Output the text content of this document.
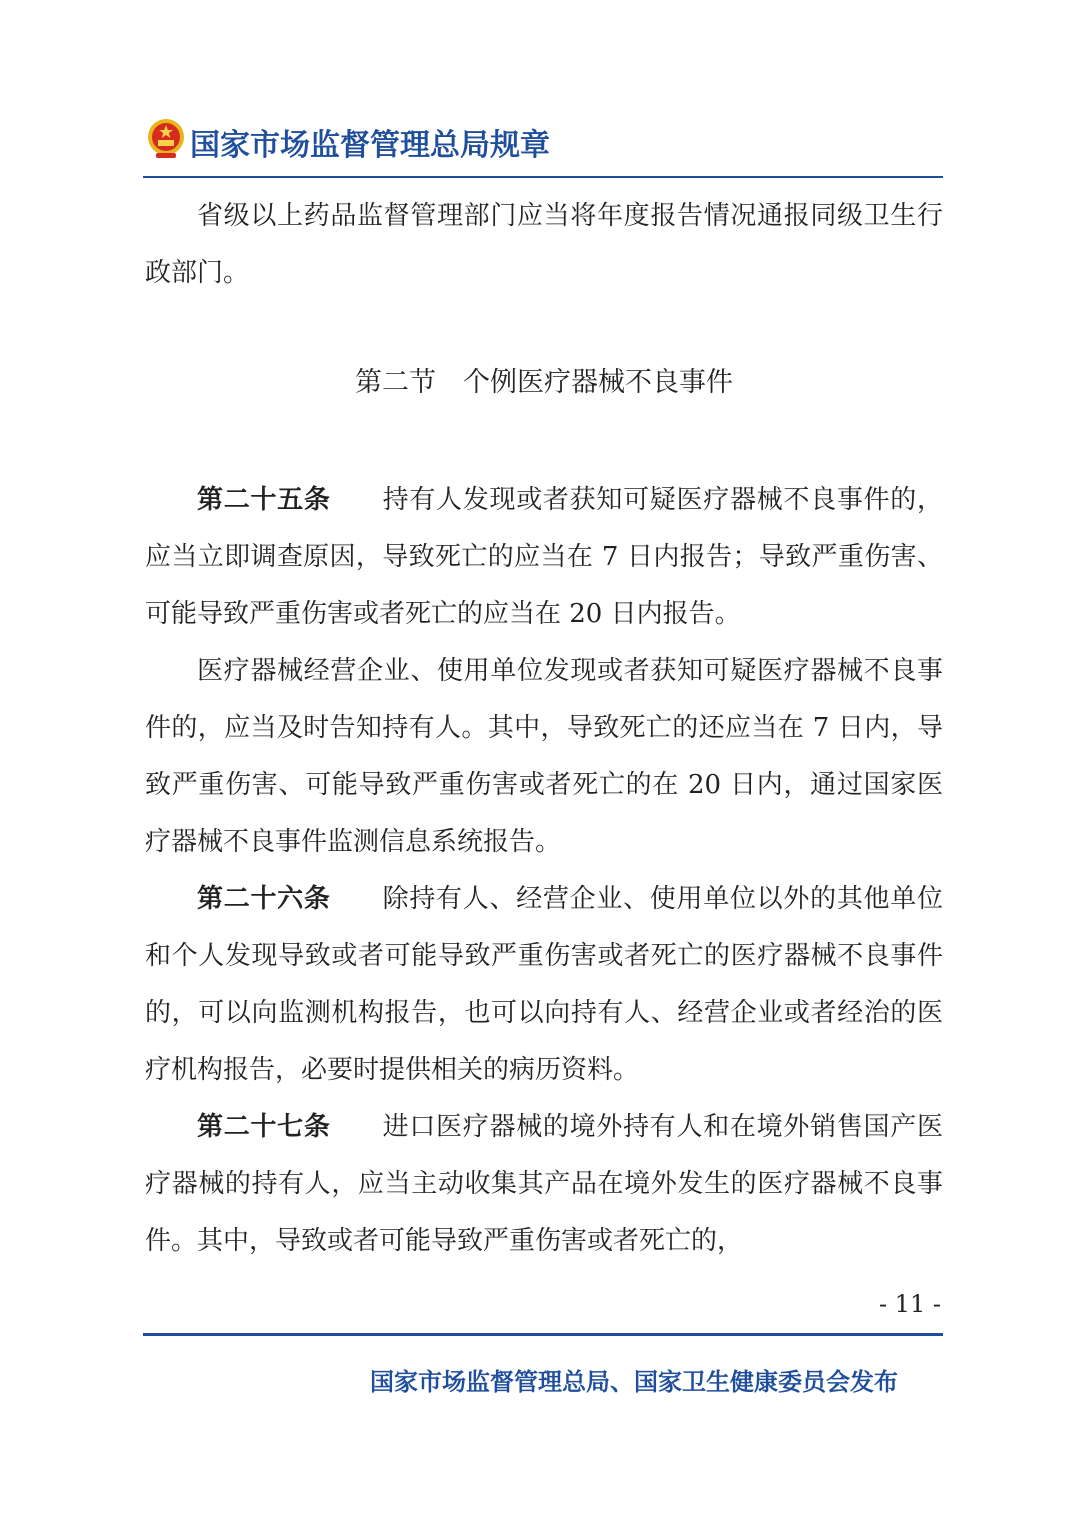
国家市场监督管理总局规章

省级以上药品监督管理部门应当将年度报告情况通报同级卫生行政部门。

第二节　个例医疗器械不良事件

第二十五条 持有人发现或者获知可疑医疗器械不良事件的，应当立即调查原因，导致死亡的应当在 7 日内报告；导致严重伤害、可能导致严重伤害或者死亡的应当在 20 日内报告。

医疗器械经营企业、使用单位发现或者获知可疑医疗器械不良事件的，应当及时告知持有人。其中，导致死亡的还应当在 7 日内，导致严重伤害、可能导致严重伤害或者死亡的在 20 日内，通过国家医疗器械不良事件监测信息系统报告。

第二十六条 除持有人、经营企业、使用单位以外的其他单位和个人发现导致或者可能导致严重伤害或者死亡的医疗器械不良事件的，可以向监测机构报告，也可以向持有人、经营企业或者经治的医疗机构报告，必要时提供相关的病历资料。

第二十七条 进口医疗器械的境外持有人和在境外销售国产医疗器械的持有人，应当主动收集其产品在境外发生的医疗器械不良事件。其中，导致或者可能导致严重伤害或者死亡的，

- 11 -
国家市场监督管理总局、国家卫生健康委员会发布
